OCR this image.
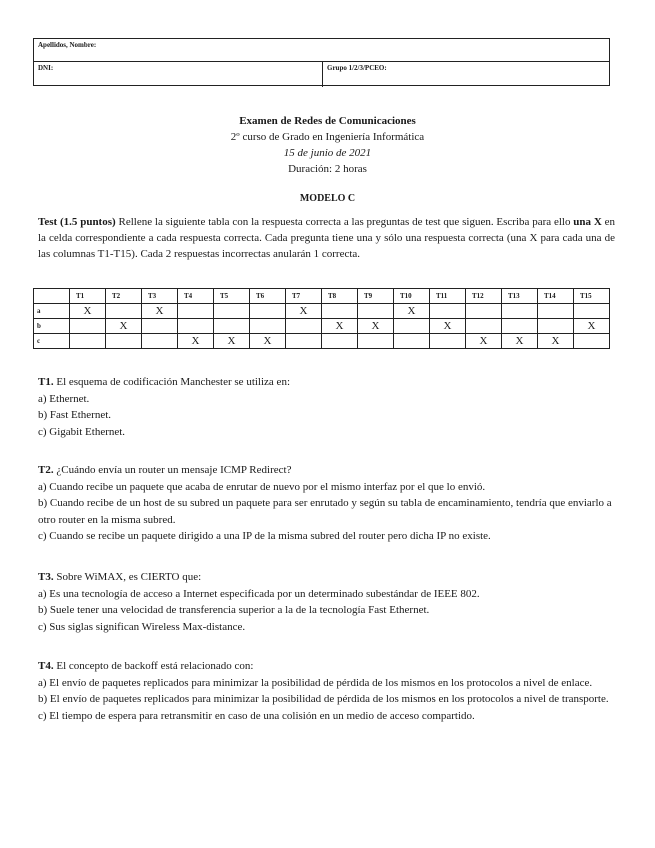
Apellidos, Nombre:
DNI:	Grupo 1/2/3/PCEO:
Examen de Redes de Comunicaciones
2º curso de Grado en Ingeniería Informática
15 de junio de 2021
Duración: 2 horas
MODELO C
Test (1.5 puntos) Rellene la siguiente tabla con la respuesta correcta a las preguntas de test que siguen. Escriba para ello una X en la celda correspondiente a cada respuesta correcta. Cada pregunta tiene una y sólo una respuesta correcta (una X para cada una de las columnas T1-T15). Cada 2 respuestas incorrectas anularán 1 correcta.
	T1	T2	T3	T4	T5	T6	T7	T8	T9	T10	T11	T12	T13	T14	T15
a	X		X				X			X					
b		X						X	X		X				X
c				X	X	X						X	X	X	
T1. El esquema de codificación Manchester se utiliza en:
a) Ethernet.
b) Fast Ethernet.
c) Gigabit Ethernet.
T2. ¿Cuándo envía un router un mensaje ICMP Redirect?
a) Cuando recibe un paquete que acaba de enrutar de nuevo por el mismo interfaz por el que lo envió.
b) Cuando recibe de un host de su subred un paquete para ser enrutado y según su tabla de encaminamiento, tendría que enviarlo a otro router en la misma subred.
c) Cuando se recibe un paquete dirigido a una IP de la misma subred del router pero dicha IP no existe.
T3. Sobre WiMAX, es CIERTO que:
a) Es una tecnología de acceso a Internet especificada por un determinado subestándar de IEEE 802.
b) Suele tener una velocidad de transferencia superior a la de la tecnología Fast Ethernet.
c) Sus siglas significan Wireless Max-distance.
T4. El concepto de backoff está relacionado con:
a) El envío de paquetes replicados para minimizar la posibilidad de pérdida de los mismos en los protocolos a nivel de enlace.
b) El envío de paquetes replicados para minimizar la posibilidad de pérdida de los mismos en los protocolos a nivel de transporte.
c) El tiempo de espera para retransmitir en caso de una colisión en un medio de acceso compartido.
